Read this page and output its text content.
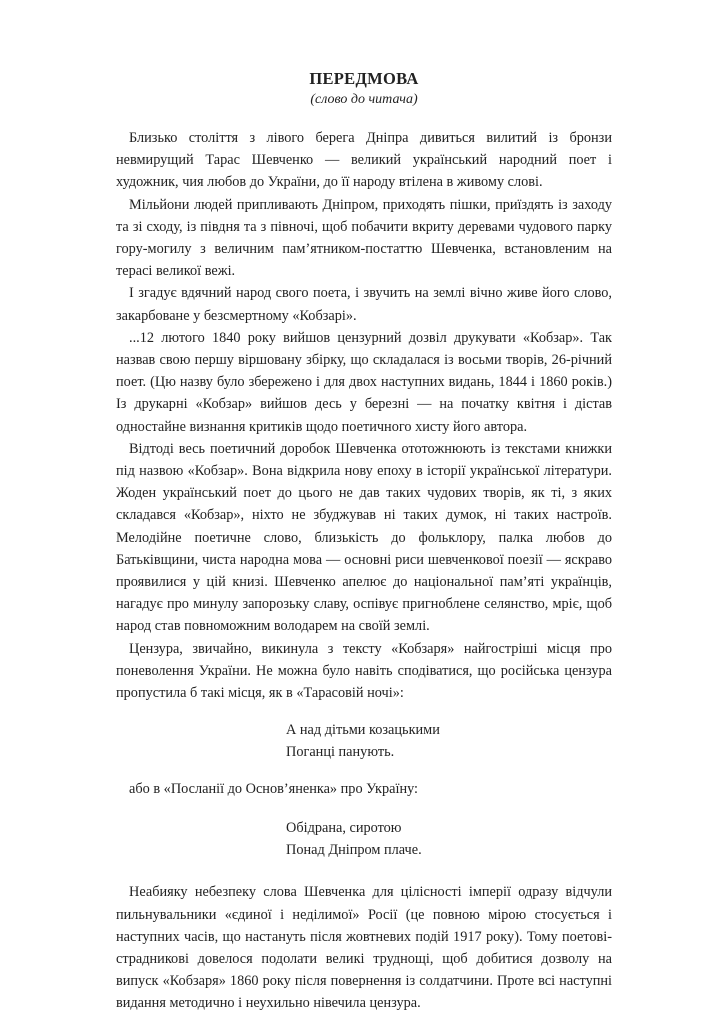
ПЕРЕДМОВА
(слово до читача)

Близько століття з лівого берега Дніпра дивиться вилитий із бронзи невмирущий Тарас Шевченко — великий український народний поет і художник, чия любов до України, до її народу втілена в живому слові.

Мільйони людей припливають Дніпром, приходять пішки, приїздять із заходу та зі сходу, із півдня та з півночі, щоб побачити вкриту деревами чудового парку гору-могилу з величним пам’ятником-постаттю Шевченка, встановленим на терасі великої вежі.

І згадує вдячний народ свого поета, і звучить на землі вічно живе його слово, закарбоване у безсмертному «Кобзарі».

...12 лютого 1840 року вийшов цензурний дозвіл друкувати «Кобзар». Так назвав свою першу віршовану збірку, що складалася із восьми творів, 26-річний поет. (Цю назву було збережено і для двох наступних видань, 1844 і 1860 років.) Із друкарні «Кобзар» вийшов десь у березні — на початку квітня і дістав одностайне визнання критиків щодо поетичного хисту його автора.

Відтоді весь поетичний доробок Шевченка ототожнюють із текстами книжки під назвою «Кобзар». Вона відкрила нову епоху в історії української літератури. Жоден український поет до цього не дав таких чудових творів, як ті, з яких складався «Кобзар», ніхто не збуджував ні таких думок, ні таких настроїв. Мелодійне поетичне слово, близькість до фольклору, палка любов до Батьківщини, чиста народна мова — основні риси шевченкової поезії — яскраво проявилися у цій книзі. Шевченко апелює до національної пам’яті українців, нагадує про минулу запорозьку славу, оспівує пригноблене селянство, мріє, щоб народ став повноможним володарем на своїй землі.

Цензура, звичайно, викинула з тексту «Кобзаря» найгостріші місця про поневолення України. Не можна було навіть сподіватися, що російська цензура пропустила б такі місця, як в «Тарасовій ночі»:

А над дітьми козацькими
Поганці панують.

або в «Посланії до Основ’яненка» про Україну:

Обідрана, сиротою
Понад Дніпром плаче.

Неабияку небезпеку слова Шевченка для цілісності імперії одразу відчули пильнувальники «єдиної і неділимої» Росії (це повною мірою стосується і наступних часів, що настануть після жовтневих подій 1917 року). Тому поетові-страдникові довелося подолати великі труднощі, щоб добитися дозволу на випуск «Кобзаря» 1860 року після повернення із солдатчини. Проте всі наступні видання методично і неухильно нівечила цензура.
